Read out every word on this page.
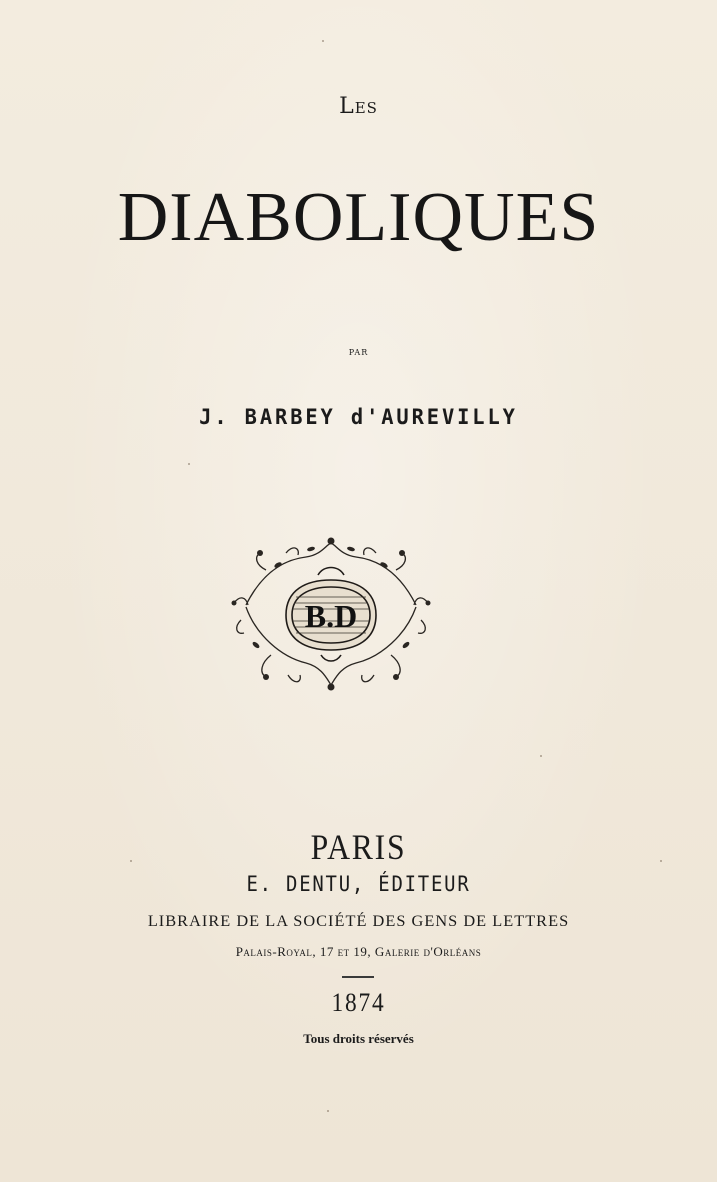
Les
DIABOLIQUES
par
J. BARBEY d'AUREVILLY
B.D
PARIS
E. DENTU, ÉDITEUR
LIBRAIRE DE LA SOCIÉTÉ DES GENS DE LETTRES
Palais-Royal, 17 et 19, Galerie d'Orléans
1874
Tous droits réservés
